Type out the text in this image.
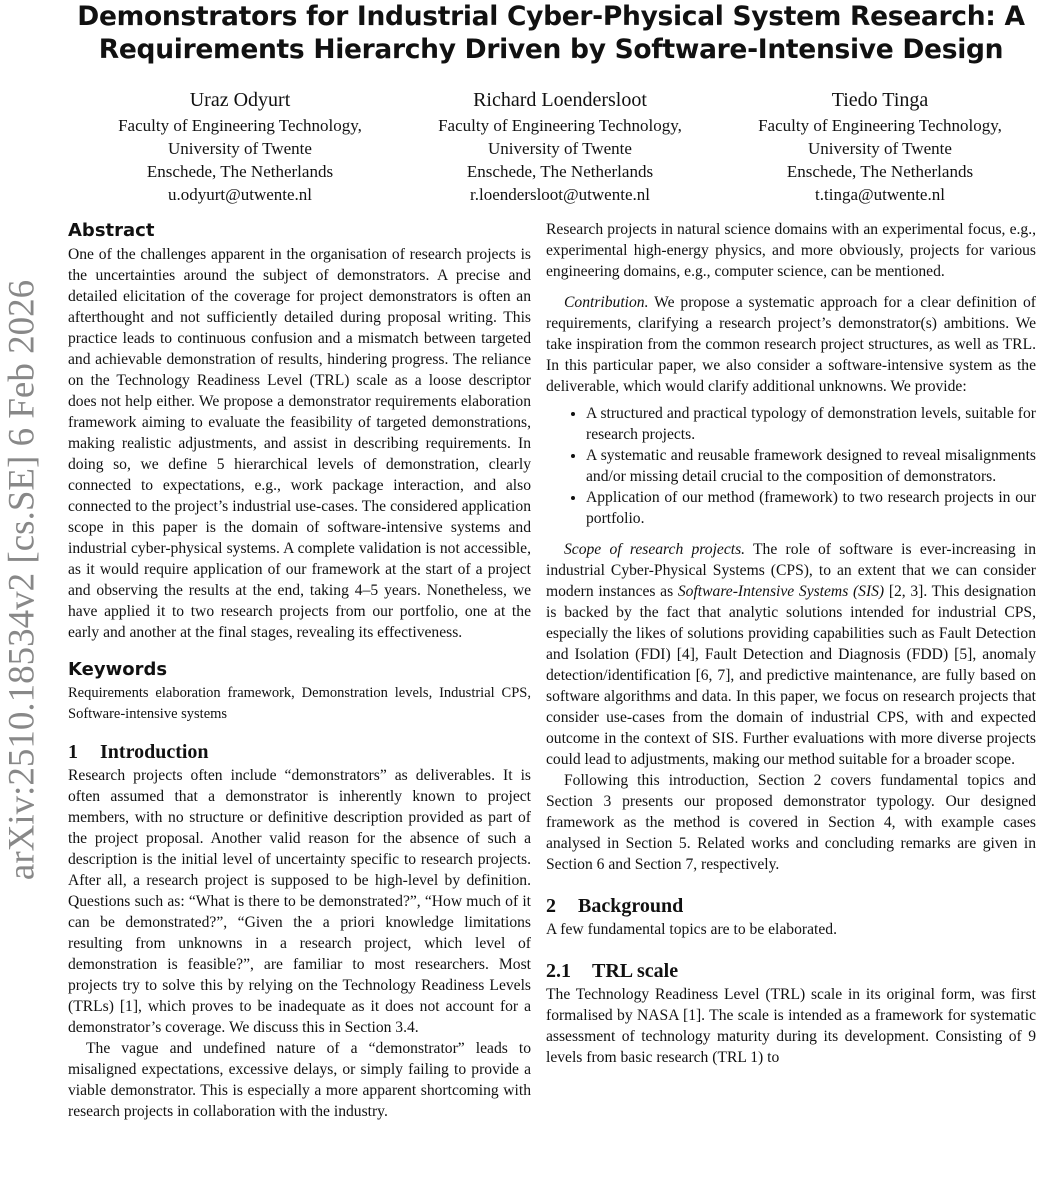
Demonstrators for Industrial Cyber-Physical System Research: A
Requirements Hierarchy Driven by Software-Intensive Design
Uraz Odyurt
Faculty of Engineering Technology,
University of Twente
Enschede, The Netherlands
u.odyurt@utwente.nl
Richard Loendersloot
Faculty of Engineering Technology,
University of Twente
Enschede, The Netherlands
r.loendersloot@utwente.nl
Tiedo Tinga
Faculty of Engineering Technology,
University of Twente
Enschede, The Netherlands
t.tinga@utwente.nl
arXiv:2510.18534v2 [cs.SE] 6 Feb 2026
Abstract

One of the challenges apparent in the organisation of research projects is the uncertainties around the subject of demonstrators. A precise and detailed elicitation of the coverage for project demonstrators is often an afterthought and not sufficiently detailed during proposal writing. This practice leads to continuous confusion and a mismatch between targeted and achievable demonstration of results, hindering progress. The reliance on the Technology Readiness Level (TRL) scale as a loose descriptor does not help either. We propose a demonstrator requirements elaboration framework aiming to evaluate the feasibility of targeted demonstrations, making realistic adjustments, and assist in describing requirements. In doing so, we define 5 hierarchical levels of demonstration, clearly connected to expectations, e.g., work package interaction, and also connected to the project’s industrial use-cases. The considered application scope in this paper is the domain of software-intensive systems and industrial cyber-physical systems. A complete validation is not accessible, as it would require application of our framework at the start of a project and observing the results at the end, taking 4–5 years. Nonetheless, we have applied it to two research projects from our portfolio, one at the early and another at the final stages, revealing its effectiveness.

Keywords

Requirements elaboration framework, Demonstration levels, Industrial CPS, Software-intensive systems

1 Introduction

Research projects often include “demonstrators” as deliverables. It is often assumed that a demonstrator is inherently known to project members, with no structure or definitive description provided as part of the project proposal. Another valid reason for the absence of such a description is the initial level of uncertainty specific to research projects. After all, a research project is supposed to be high-level by definition. Questions such as: “What is there to be demonstrated?”, “How much of it can be demonstrated?”, “Given the a priori knowledge limitations resulting from unknowns in a research project, which level of demonstration is feasible?”, are familiar to most researchers. Most projects try to solve this by relying on the Technology Readiness Levels (TRLs) [1], which proves to be inadequate as it does not account for a demonstrator’s coverage. We discuss this in Section 3.4.

The vague and undefined nature of a “demonstrator” leads to misaligned expectations, excessive delays, or simply failing to provide a viable demonstrator. This is especially a more apparent shortcoming with research projects in collaboration with the industry.

Research projects in natural science domains with an experimental focus, e.g., experimental high-energy physics, and more obviously, projects for various engineering domains, e.g., computer science, can be mentioned.

Contribution. We propose a systematic approach for a clear definition of requirements, clarifying a research project’s demonstrator(s) ambitions. We take inspiration from the common research project structures, as well as TRL. In this particular paper, we also consider a software-intensive system as the deliverable, which would clarify additional unknowns. We provide:

• A structured and practical typology of demonstration levels, suitable for research projects.
• A systematic and reusable framework designed to reveal misalignments and/or missing detail crucial to the composition of demonstrators.
• Application of our method (framework) to two research projects in our portfolio.

Scope of research projects. The role of software is ever-increasing in industrial Cyber-Physical Systems (CPS), to an extent that we can consider modern instances as Software-Intensive Systems (SIS) [2, 3]. This designation is backed by the fact that analytic solutions intended for industrial CPS, especially the likes of solutions providing capabilities such as Fault Detection and Isolation (FDI) [4], Fault Detection and Diagnosis (FDD) [5], anomaly detection/identification [6, 7], and predictive maintenance, are fully based on software algorithms and data. In this paper, we focus on research projects that consider use-cases from the domain of industrial CPS, with and expected outcome in the context of SIS. Further evaluations with more diverse projects could lead to adjustments, making our method suitable for a broader scope.

Following this introduction, Section 2 covers fundamental topics and Section 3 presents our proposed demonstrator typology. Our designed framework as the method is covered in Section 4, with example cases analysed in Section 5. Related works and concluding remarks are given in Section 6 and Section 7, respectively.

2 Background

A few fundamental topics are to be elaborated.

2.1 TRL scale

The Technology Readiness Level (TRL) scale in its original form, was first formalised by NASA [1]. The scale is intended as a framework for systematic assessment of technology maturity during its development. Consisting of 9 levels from basic research (TRL 1) to
